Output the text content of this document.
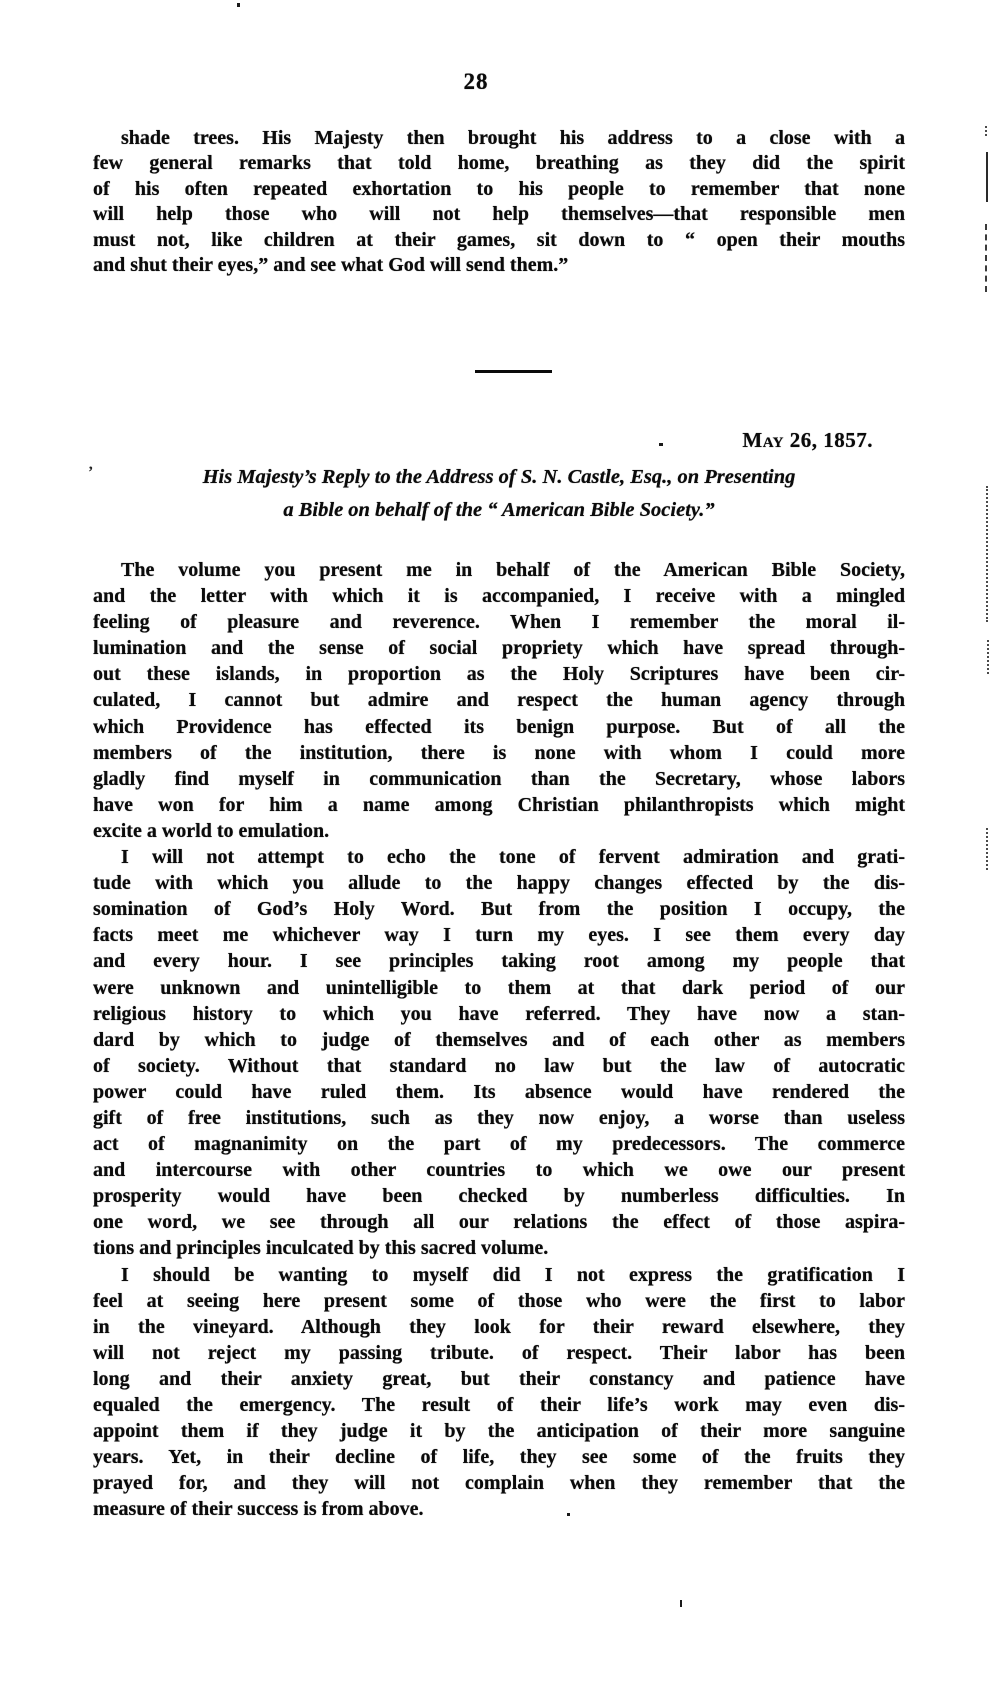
28
shade trees. His Majesty then brought his address to a close with a
few general remarks that told home, breathing as they did the spirit
of his often repeated exhortation to his people to remember that none
will help those who will not help themselves—that responsible men
must not, like children at their games, sit down to “ open their mouths
and shut their eyes,” and see what God will send them.”
May 26, 1857.
’	His Majesty’s Reply to the Address of S. N. Castle, Esq., on Presenting
a Bible on behalf of the “ American Bible Society.”
The volume you present me in behalf of the American Bible Society,
and the letter with which it is accompanied, I receive with a mingled
feeling of pleasure and reverence. When I remember the moral il-
lumination and the sense of social propriety which have spread through-
out these islands, in proportion as the Holy Scriptures have been cir-
culated, I cannot but admire and respect the human agency through
which Providence has effected its benign purpose. But of all the
members of the institution, there is none with whom I could more
gladly find myself in communication than the Secretary, whose labors
have won for him a name among Christian philanthropists which might
excite a world to emulation.
I will not attempt to echo the tone of fervent admiration and grati-
tude with which you allude to the happy changes effected by the dis-
somination of God’s Holy Word. But from the position I occupy, the
facts meet me whichever way I turn my eyes. I see them every day
and every hour. I see principles taking root among my people that
were unknown and unintelligible to them at that dark period of our
religious history to which you have referred. They have now a stan-
dard by which to judge of themselves and of each other as members
of society. Without that standard no law but the law of autocratic
power could have ruled them. Its absence would have rendered the
gift of free institutions, such as they now enjoy, a worse than useless
act of magnanimity on the part of my predecessors. The commerce
and intercourse with other countries to which we owe our present
prosperity would have been checked by numberless difficulties. In
one word, we see through all our relations the effect of those aspira-
tions and principles inculcated by this sacred volume.
I should be wanting to myself did I not express the gratification I
feel at seeing here present some of those who were the first to labor
in the vineyard. Although they look for their reward elsewhere, they
will not reject my passing tribute. of respect. Their labor has been
long and their anxiety great, but their constancy and patience have
equaled the emergency. The result of their life’s work may even dis-
appoint them if they judge it by the anticipation of their more sanguine
years. Yet, in their decline of life, they see some of the fruits they
prayed for, and they will not complain when they remember that the
measure of their success is from above.
